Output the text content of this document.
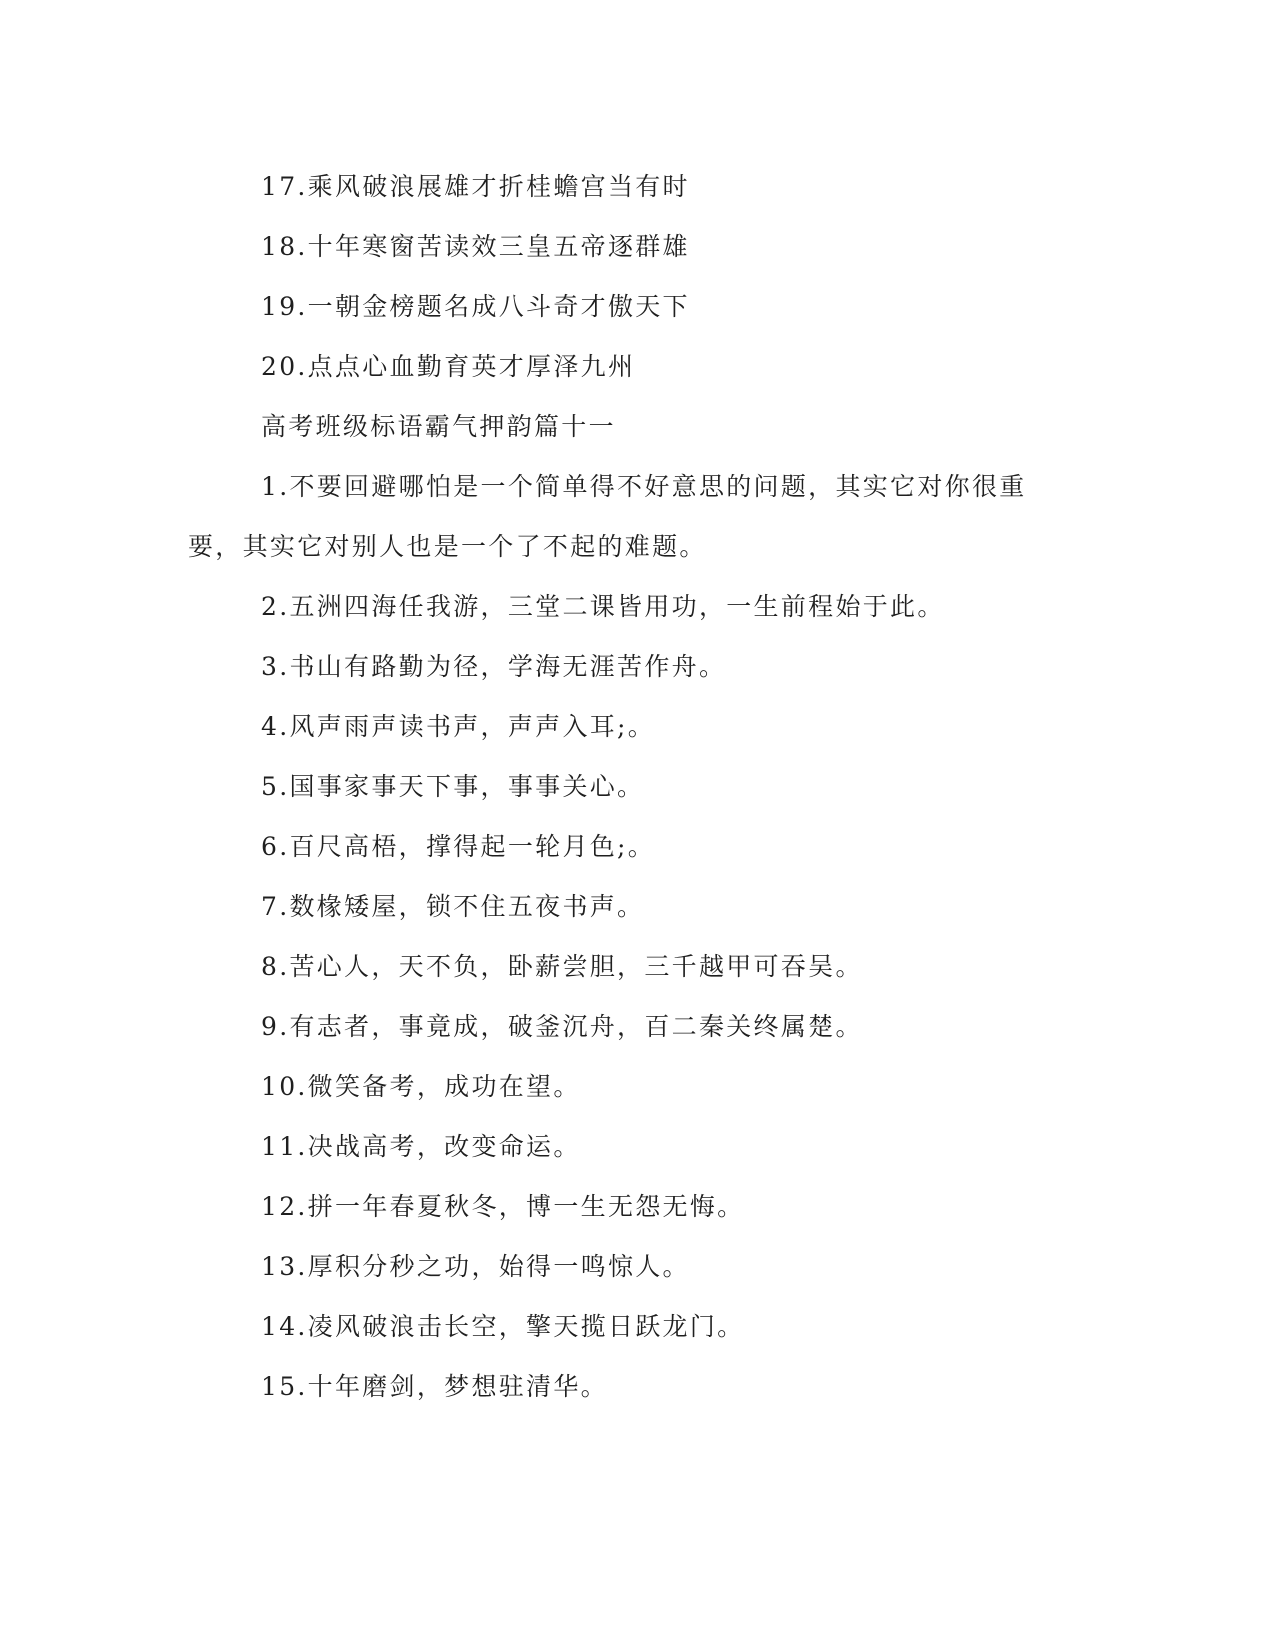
17.乘风破浪展雄才折桂蟾宫当有时

18.十年寒窗苦读效三皇五帝逐群雄

19.一朝金榜题名成八斗奇才傲天下

20.点点心血勤育英才厚泽九州

高考班级标语霸气押韵篇十一

1.不要回避哪怕是一个简单得不好意思的问题，其实它对你很重要，其实它对别人也是一个了不起的难题。

2.五洲四海任我游，三堂二课皆用功，一生前程始于此。

3.书山有路勤为径，学海无涯苦作舟。

4.风声雨声读书声，声声入耳;。

5.国事家事天下事，事事关心。

6.百尺高梧，撑得起一轮月色;。

7.数椽矮屋，锁不住五夜书声。

8.苦心人，天不负，卧薪尝胆，三千越甲可吞吴。

9.有志者，事竟成，破釜沉舟，百二秦关终属楚。

10.微笑备考，成功在望。

11.决战高考，改变命运。

12.拼一年春夏秋冬，博一生无怨无悔。

13.厚积分秒之功，始得一鸣惊人。

14.凌风破浪击长空，擎天揽日跃龙门。

15.十年磨剑，梦想驻清华。
